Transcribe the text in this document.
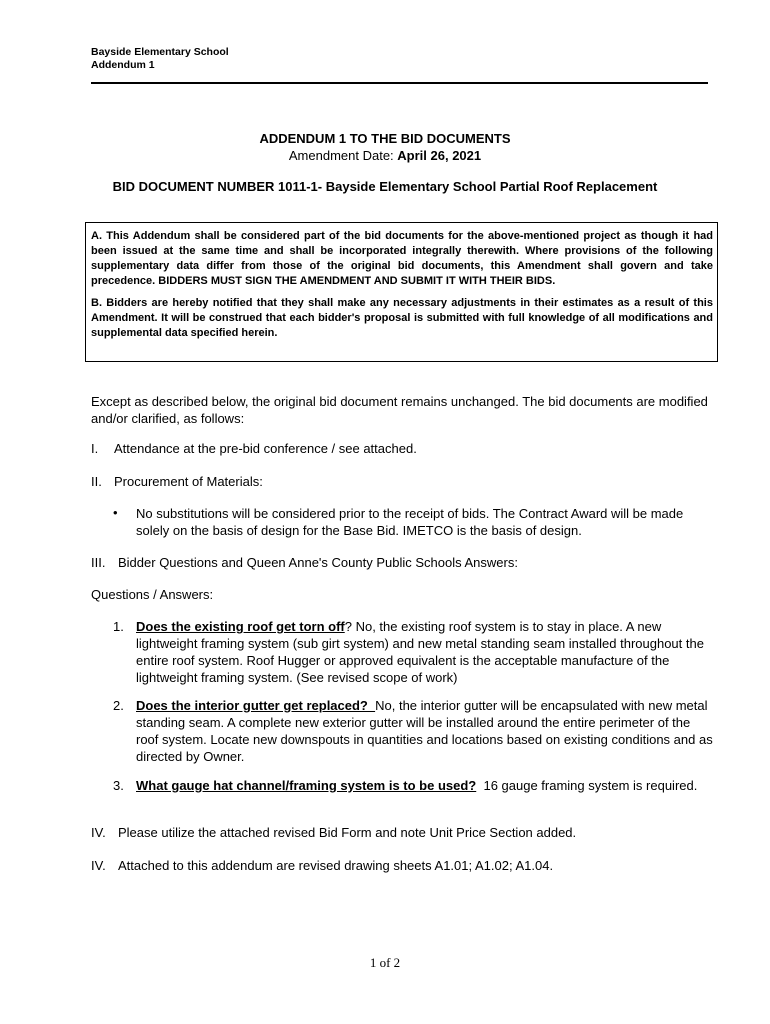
Bayside Elementary School
Addendum 1
ADDENDUM 1 TO THE BID DOCUMENTS
Amendment Date: April 26, 2021
BID DOCUMENT NUMBER 1011-1- Bayside Elementary School Partial Roof Replacement

A. This Addendum shall be considered part of the bid documents for the above-mentioned project as though it had been issued at the same time and shall be incorporated integrally therewith. Where provisions of the following supplementary data differ from those of the original bid documents, this Amendment shall govern and take precedence. BIDDERS MUST SIGN THE AMENDMENT AND SUBMIT IT WITH THEIR BIDS.

B. Bidders are hereby notified that they shall make any necessary adjustments in their estimates as a result of this Amendment. It will be construed that each bidder's proposal is submitted with full knowledge of all modifications and supplemental data specified herein.

Except as described below, the original bid document remains unchanged. The bid documents are modified and/or clarified, as follows:
I. Attendance at the pre-bid conference / see attached.
II. Procurement of Materials:
• No substitutions will be considered prior to the receipt of bids. The Contract Award will be made solely on the basis of design for the Base Bid. IMETCO is the basis of design.
III. Bidder Questions and Queen Anne's County Public Schools Answers:
Questions / Answers:
1. Does the existing roof get torn off? No, the existing roof system is to stay in place. A new lightweight framing system (sub girt system) and new metal standing seam installed throughout the entire roof system. Roof Hugger or approved equivalent is the acceptable manufacture of the lightweight framing system. (See revised scope of work)
2. Does the interior gutter get replaced?  No, the interior gutter will be encapsulated with new metal standing seam. A complete new exterior gutter will be installed around the entire perimeter of the roof system. Locate new downspouts in quantities and locations based on existing conditions and as directed by Owner.
3. What gauge hat channel/framing system is to be used?  16 gauge framing system is required.
IV. Please utilize the attached revised Bid Form and note Unit Price Section added.
IV. Attached to this addendum are revised drawing sheets A1.01; A1.02; A1.04.
1 of 2
